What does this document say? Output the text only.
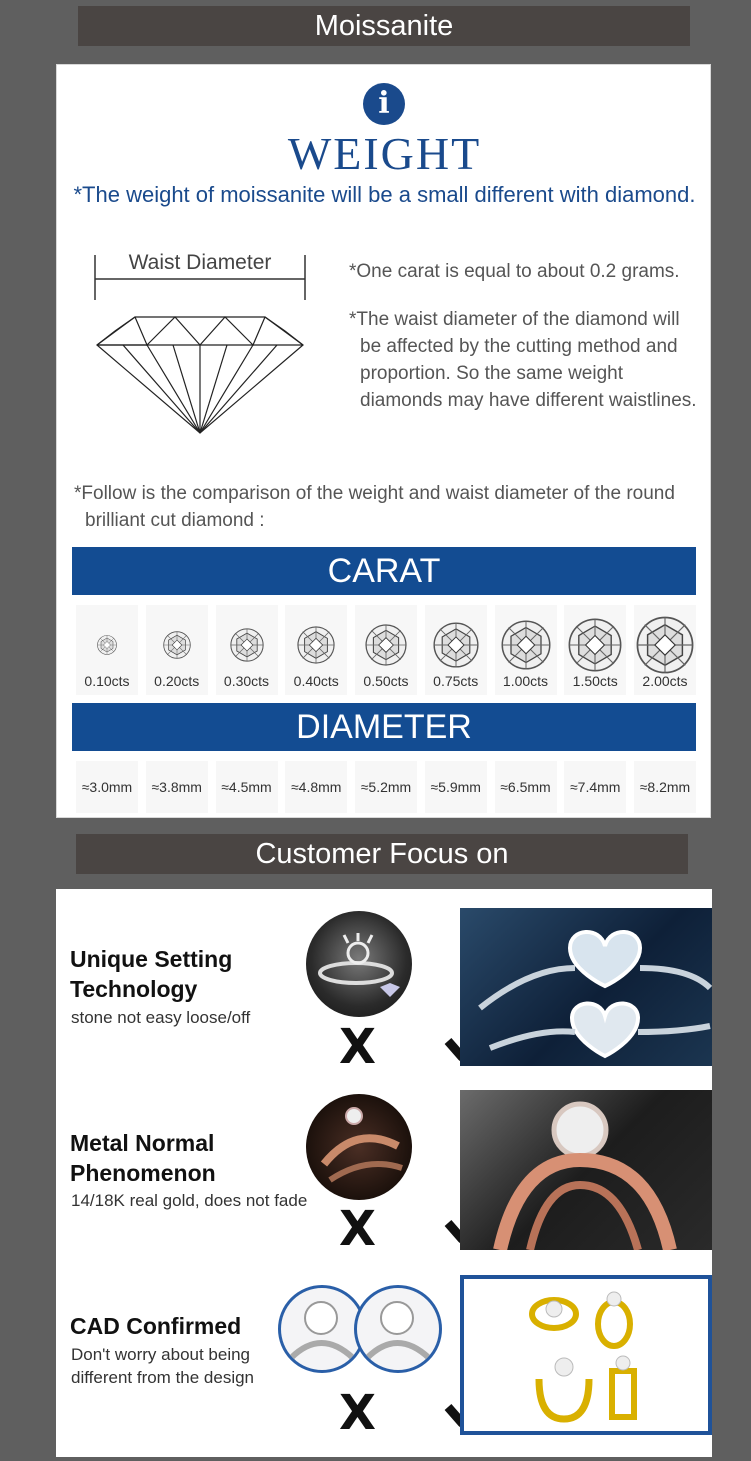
Moissanite
i
WEIGHT
*The weight of moissanite will be a small different with diamond.
Waist Diameter	*One carat is equal to about 0.2 grams.
*The waist diameter of the diamond will be affected by the cutting method and proportion. So the same weight diamonds may have different waistlines.
*Follow is the comparison of the weight and waist diameter of the round brilliant cut diamond :
CARAT
0.10cts	0.20cts	0.30cts	0.40cts	0.50cts	0.75cts	1.00cts	1.50cts	2.00cts
DIAMETER
≈3.0mm	≈3.8mm	≈4.5mm	≈4.8mm	≈5.2mm	≈5.9mm	≈6.5mm	≈7.4mm	≈8.2mm
Customer Focus on
Unique Setting
Technology
stone not easy loose/off
X
Metal Normal
Phenomenon
14/18K real gold, does not fade
X
CAD Confirmed
Don't worry about being
different from the design
X
